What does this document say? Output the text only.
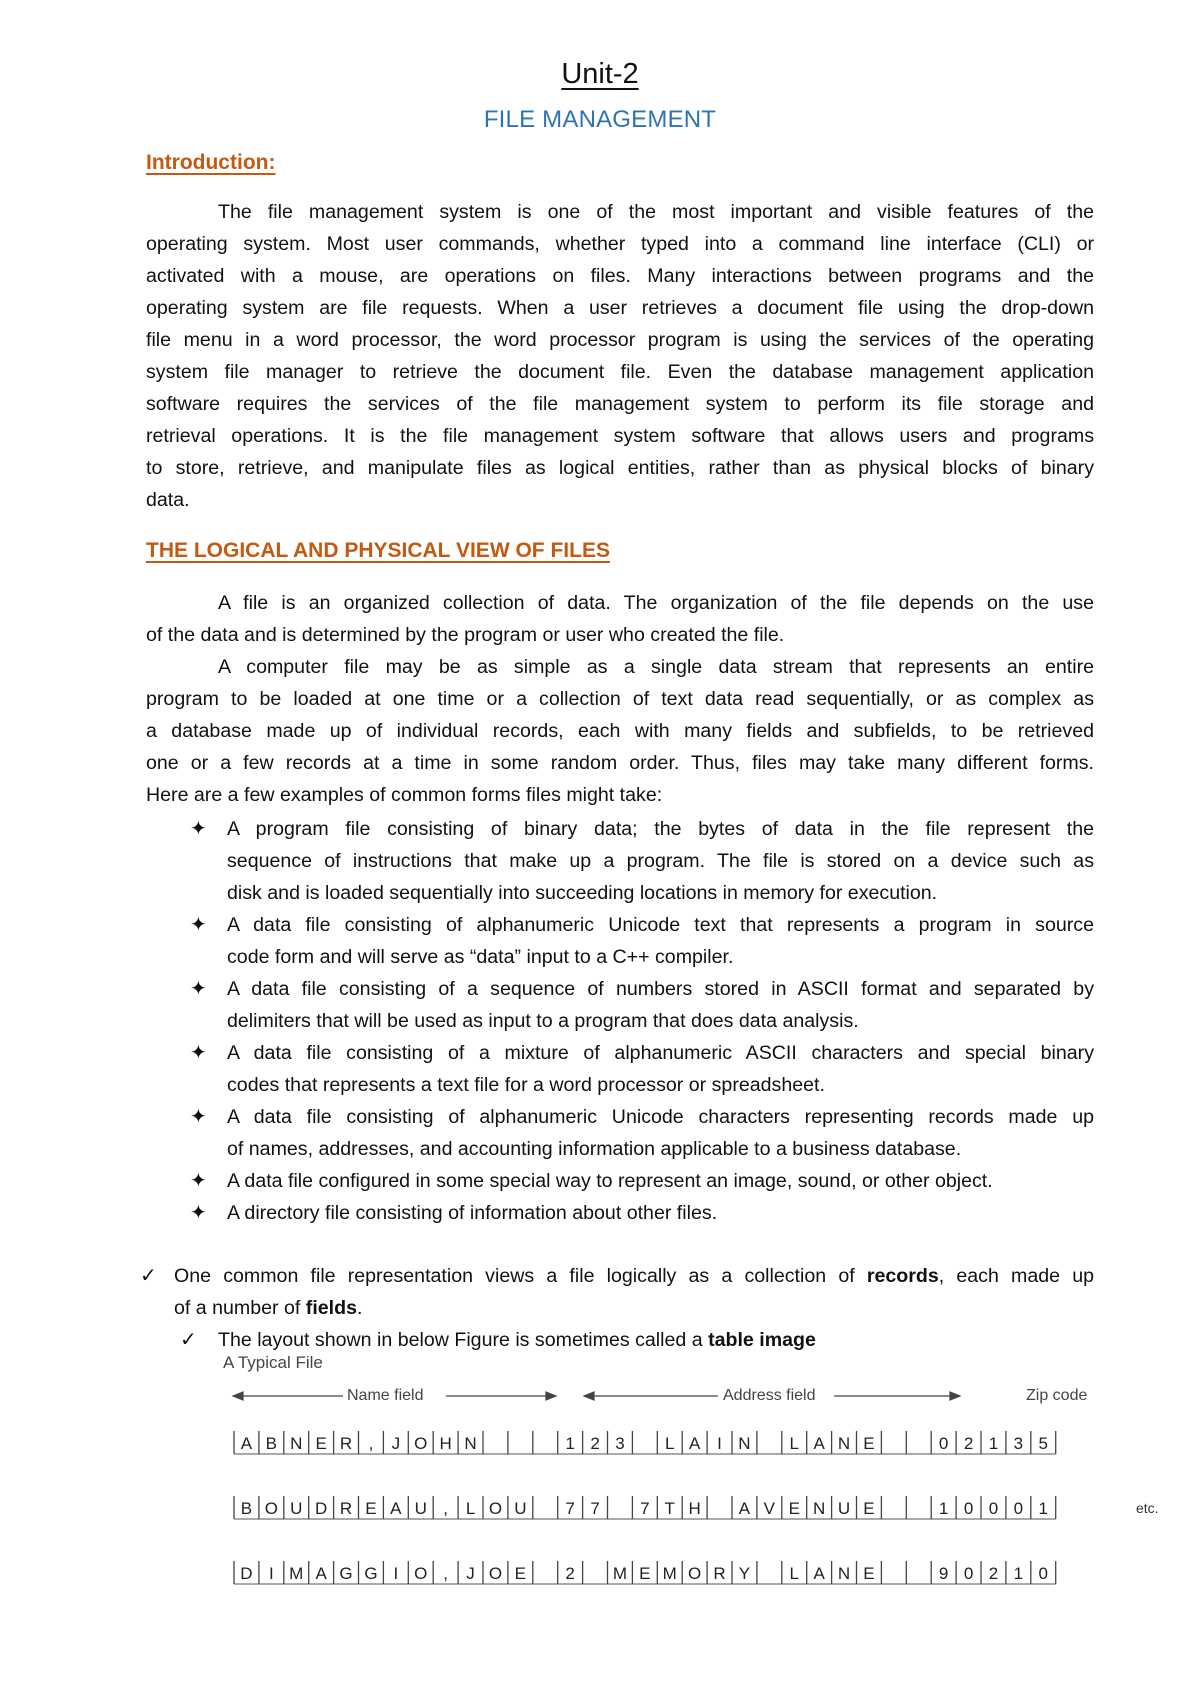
Unit-2
FILE MANAGEMENT
Introduction:
The file management system is one of the most important and visible features of the
operating system. Most user commands, whether typed into a command line interface (CLI) or
activated with a mouse, are operations on files. Many interactions between programs and the
operating system are file requests. When a user retrieves a document file using the drop-down
file menu in a word processor, the word processor program is using the services of the operating
system file manager to retrieve the document file. Even the database management application
software requires the services of the file management system to perform its file storage and
retrieval operations. It is the file management system software that allows users and programs
to store, retrieve, and manipulate files as logical entities, rather than as physical blocks of binary
data.
THE LOGICAL AND PHYSICAL VIEW OF FILES
A file is an organized collection of data. The organization of the file depends on the use
of the data and is determined by the program or user who created the file.
A computer file may be as simple as a single data stream that represents an entire
program to be loaded at one time or a collection of text data read sequentially, or as complex as
a database made up of individual records, each with many fields and subfields, to be retrieved
one or a few records at a time in some random order. Thus, files may take many different forms.
Here are a few examples of common forms files might take:
✦ A program file consisting of binary data; the bytes of data in the file represent the
sequence of instructions that make up a program. The file is stored on a device such as
disk and is loaded sequentially into succeeding locations in memory for execution.
✦ A data file consisting of alphanumeric Unicode text that represents a program in source
code form and will serve as “data” input to a C++ compiler.
✦ A data file consisting of a sequence of numbers stored in ASCII format and separated by
delimiters that will be used as input to a program that does data analysis.
✦ A data file consisting of a mixture of alphanumeric ASCII characters and special binary
codes that represents a text file for a word processor or spreadsheet.
✦ A data file consisting of alphanumeric Unicode characters representing records made up
of names, addresses, and accounting information applicable to a business database.
✦ A data file configured in some special way to represent an image, sound, or other object.
✦ A directory file consisting of information about other files.
✓ One common file representation views a file logically as a collection of records, each made up
of a number of fields.
✓ The layout shown in below Figure is sometimes called a table image
A Typical File
A B N E R , J O H N	1 2 3 L A I N L A N E	0 2 1 3 5
B O U D R E A U , L O U 7 7 7 T H A V E N U E	1 0 0 0 1
D I M A G G I O , J O E 2 M E M O R Y L A N E	9 0 2 1 0
Name field	Address field	Zip code
etc.
